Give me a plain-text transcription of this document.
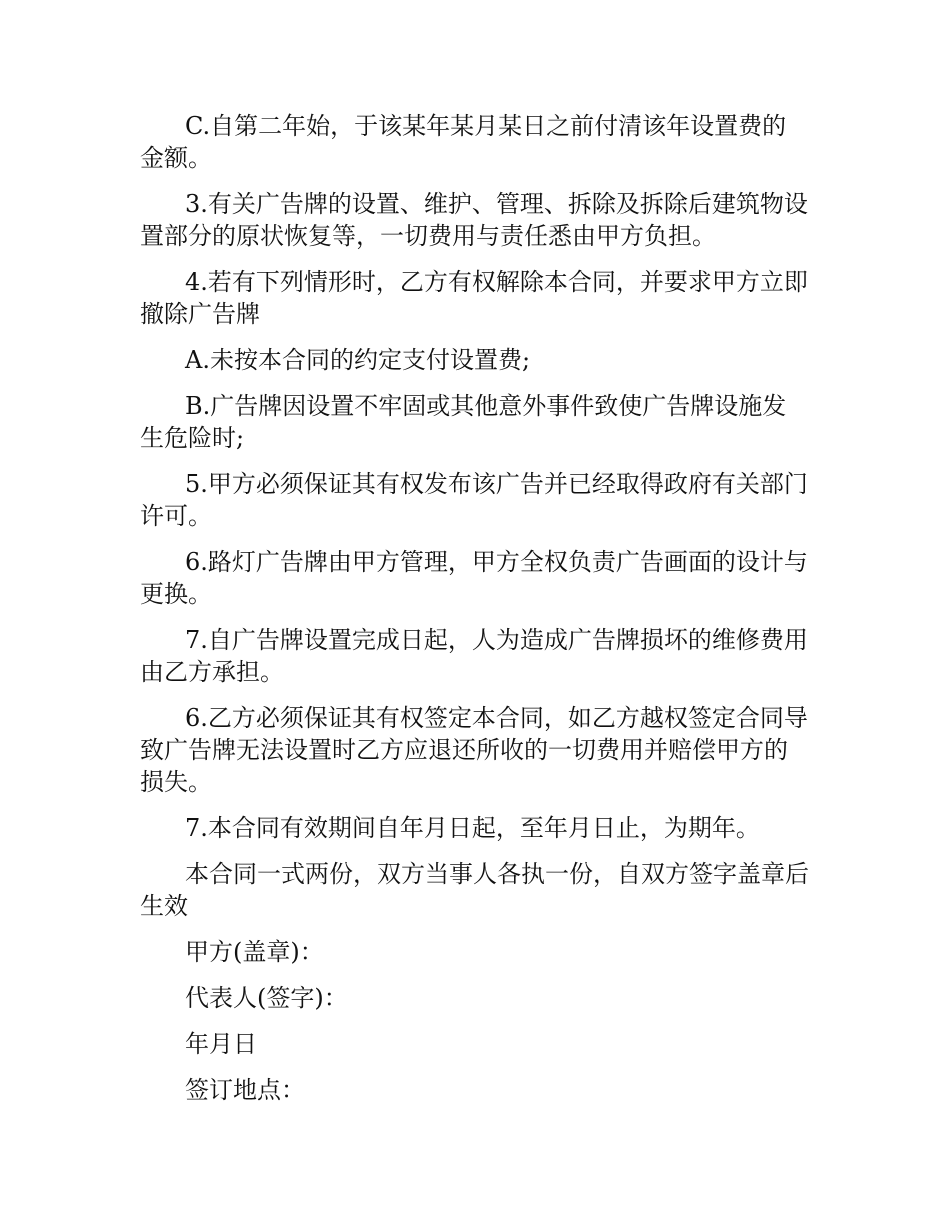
C.自第二年始，于该某年某月某日之前付清该年设置费的金额。

3.有关广告牌的设置、维护、管理、拆除及拆除后建筑物设置部分的原状恢复等，一切费用与责任悉由甲方负担。

4.若有下列情形时，乙方有权解除本合同，并要求甲方立即撤除广告牌

A.未按本合同的约定支付设置费;

B.广告牌因设置不牢固或其他意外事件致使广告牌设施发生危险时;

5.甲方必须保证其有权发布该广告并已经取得政府有关部门许可。

6.路灯广告牌由甲方管理，甲方全权负责广告画面的设计与更换。

7.自广告牌设置完成日起，人为造成广告牌损坏的维修费用由乙方承担。

6.乙方必须保证其有权签定本合同，如乙方越权签定合同导致广告牌无法设置时乙方应退还所收的一切费用并赔偿甲方的损失。

7.本合同有效期间自年月日起，至年月日止，为期年。

本合同一式两份，双方当事人各执一份，自双方签字盖章后生效

甲方(盖章)：

代表人(签字)：

年月日

签订地点：
